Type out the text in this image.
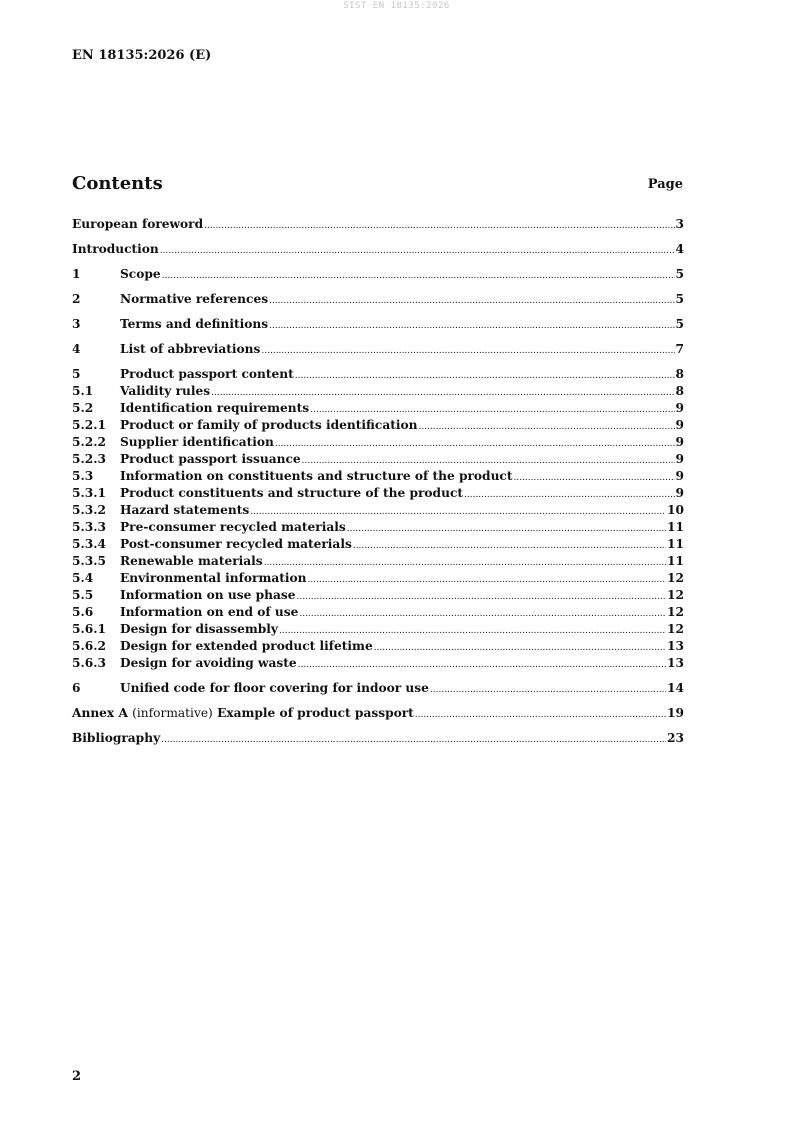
SIST EN 18135:2026
EN 18135:2026 (E)
Contents	Page
European foreword .....	3
Introduction .....	4
1	Scope .....	5
2	Normative references .....	5
3	Terms and definitions .....	5
4	List of abbreviations .....	7
5	Product passport content .....	8
5.1	Validity rules .....	8
5.2	Identification requirements .....	9
5.2.1	Product or family of products identification .....	9
5.2.2	Supplier identification .....	9
5.2.3	Product passport issuance .....	9
5.3	Information on constituents and structure of the product .....	9
5.3.1	Product constituents and structure of the product .....	9
5.3.2	Hazard statements .....	10
5.3.3	Pre-consumer recycled materials .....	11
5.3.4	Post-consumer recycled materials .....	11
5.3.5	Renewable materials .....	11
5.4	Environmental information .....	12
5.5	Information on use phase .....	12
5.6	Information on end of use .....	12
5.6.1	Design for disassembly .....	12
5.6.2	Design for extended product lifetime .....	13
5.6.3	Design for avoiding waste .....	13
6	Unified code for floor covering for indoor use .....	14
Annex A (informative) Example of product passport .....	19
Bibliography .....	23
2
